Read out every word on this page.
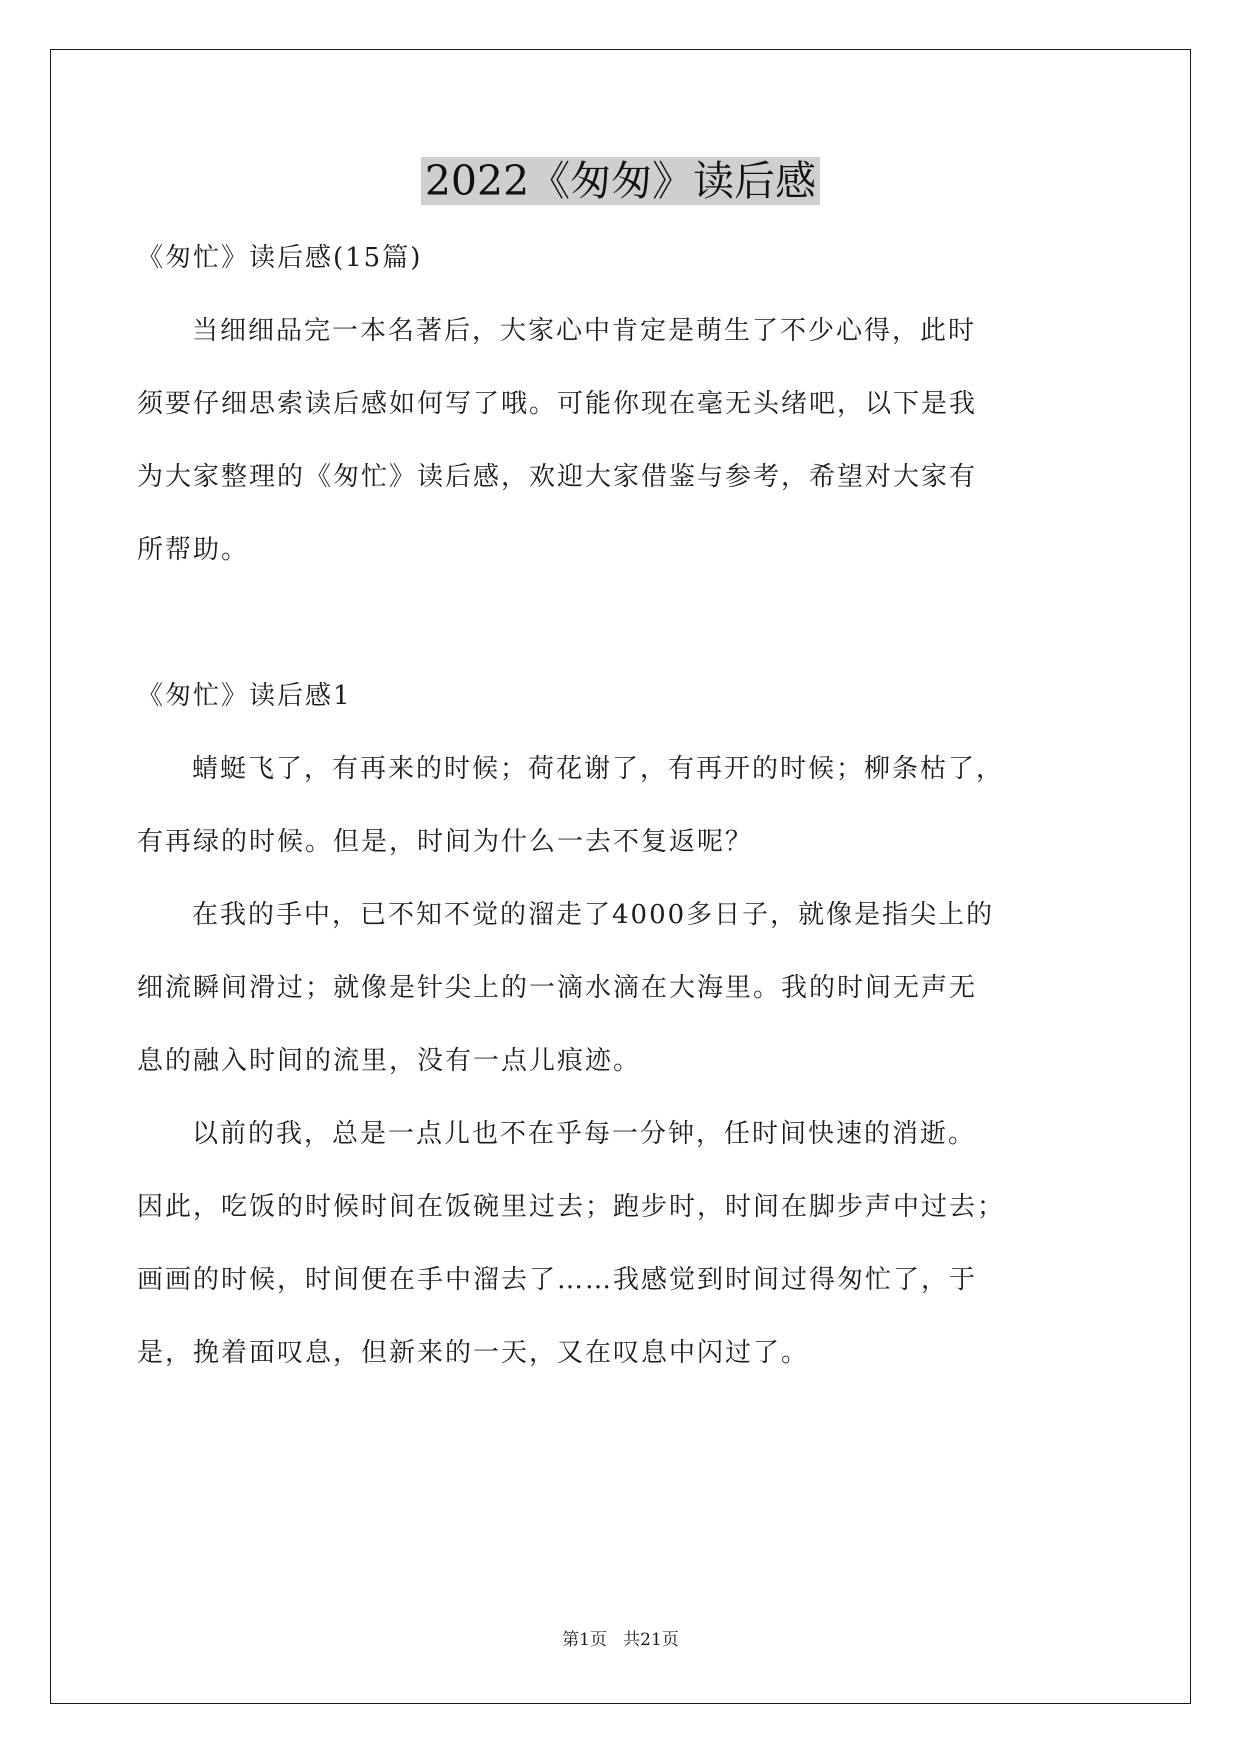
2022《匆匆》读后感
《匆忙》读后感(15篇)
当细细品完一本名著后，大家心中肯定是萌生了不少心得，此时
须要仔细思索读后感如何写了哦。可能你现在毫无头绪吧，以下是我
为大家整理的《匆忙》读后感，欢迎大家借鉴与参考，希望对大家有
所帮助。
《匆忙》读后感1
蜻蜓飞了，有再来的时候；荷花谢了，有再开的时候；柳条枯了，
有再绿的时候。但是，时间为什么一去不复返呢？
在我的手中，已不知不觉的溜走了4000多日子，就像是指尖上的
细流瞬间滑过；就像是针尖上的一滴水滴在大海里。我的时间无声无
息的融入时间的流里，没有一点儿痕迹。
以前的我，总是一点儿也不在乎每一分钟，任时间快速的消逝。
因此，吃饭的时候时间在饭碗里过去；跑步时，时间在脚步声中过去；
画画的时候，时间便在手中溜去了……我感觉到时间过得匆忙了，于
是，挽着面叹息，但新来的一天，又在叹息中闪过了。
第1页   共21页
